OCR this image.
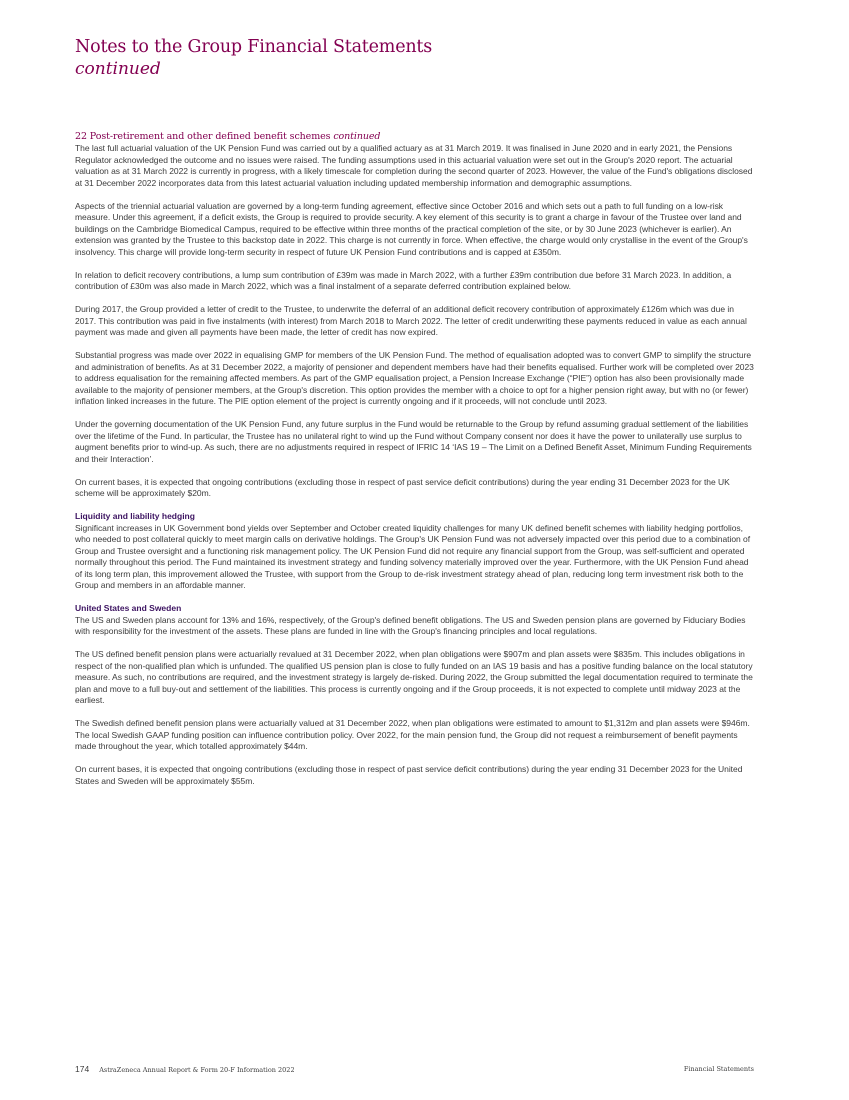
Notes to the Group Financial Statements
continued
22 Post-retirement and other defined benefit schemes continued

The last full actuarial valuation of the UK Pension Fund was carried out by a qualified actuary as at 31 March 2019. It was finalised in June 2020 and in early 2021, the Pensions Regulator acknowledged the outcome and no issues were raised. The funding assumptions used in this actuarial valuation were set out in the Group's 2020 report. The actuarial valuation as at 31 March 2022 is currently in progress, with a likely timescale for completion during the second quarter of 2023. However, the value of the Fund's obligations disclosed at 31 December 2022 incorporates data from this latest actuarial valuation including updated membership information and demographic assumptions.

Aspects of the triennial actuarial valuation are governed by a long-term funding agreement, effective since October 2016 and which sets out a path to full funding on a low-risk measure. Under this agreement, if a deficit exists, the Group is required to provide security. A key element of this security is to grant a charge in favour of the Trustee over land and buildings on the Cambridge Biomedical Campus, required to be effective within three months of the practical completion of the site, or by 30 June 2023 (whichever is earlier). An extension was granted by the Trustee to this backstop date in 2022. This charge is not currently in force. When effective, the charge would only crystallise in the event of the Group's insolvency. This charge will provide long-term security in respect of future UK Pension Fund contributions and is capped at £350m.

In relation to deficit recovery contributions, a lump sum contribution of £39m was made in March 2022, with a further £39m contribution due before 31 March 2023. In addition, a contribution of £30m was also made in March 2022, which was a final instalment of a separate deferred contribution explained below.

During 2017, the Group provided a letter of credit to the Trustee, to underwrite the deferral of an additional deficit recovery contribution of approximately £126m which was due in 2017. This contribution was paid in five instalments (with interest) from March 2018 to March 2022. The letter of credit underwriting these payments reduced in value as each annual payment was made and given all payments have been made, the letter of credit has now expired.

Substantial progress was made over 2022 in equalising GMP for members of the UK Pension Fund. The method of equalisation adopted was to convert GMP to simplify the structure and administration of benefits. As at 31 December 2022, a majority of pensioner and dependent members have had their benefits equalised. Further work will be completed over 2023 to address equalisation for the remaining affected members. As part of the GMP equalisation project, a Pension Increase Exchange (“PIE”) option has also been provisionally made available to the majority of pensioner members, at the Group's discretion. This option provides the member with a choice to opt for a higher pension right away, but with no (or fewer) inflation linked increases in the future. The PIE option element of the project is currently ongoing and if it proceeds, will not conclude until 2023.

Under the governing documentation of the UK Pension Fund, any future surplus in the Fund would be returnable to the Group by refund assuming gradual settlement of the liabilities over the lifetime of the Fund. In particular, the Trustee has no unilateral right to wind up the Fund without Company consent nor does it have the power to unilaterally use surplus to augment benefits prior to wind-up. As such, there are no adjustments required in respect of IFRIC 14 ‘IAS 19 – The Limit on a Defined Benefit Asset, Minimum Funding Requirements and their Interaction’.

On current bases, it is expected that ongoing contributions (excluding those in respect of past service deficit contributions) during the year ending 31 December 2023 for the UK scheme will be approximately $20m.

Liquidity and liability hedging

Significant increases in UK Government bond yields over September and October created liquidity challenges for many UK defined benefit schemes with liability hedging portfolios, who needed to post collateral quickly to meet margin calls on derivative holdings. The Group's UK Pension Fund was not adversely impacted over this period due to a combination of Group and Trustee oversight and a functioning risk management policy. The UK Pension Fund did not require any financial support from the Group, was self-sufficient and operated normally throughout this period. The Fund maintained its investment strategy and funding solvency materially improved over the year. Furthermore, with the UK Pension Fund ahead of its long term plan, this improvement allowed the Trustee, with support from the Group to de-risk investment strategy ahead of plan, reducing long term investment risk both to the Group and members in an affordable manner.

United States and Sweden

The US and Sweden plans account for 13% and 16%, respectively, of the Group's defined benefit obligations. The US and Sweden pension plans are governed by Fiduciary Bodies with responsibility for the investment of the assets. These plans are funded in line with the Group's financing principles and local regulations.

The US defined benefit pension plans were actuarially revalued at 31 December 2022, when plan obligations were $907m and plan assets were $835m. This includes obligations in respect of the non-qualified plan which is unfunded. The qualified US pension plan is close to fully funded on an IAS 19 basis and has a positive funding balance on the local statutory measure. As such, no contributions are required, and the investment strategy is largely de-risked. During 2022, the Group submitted the legal documentation required to terminate the plan and move to a full buy-out and settlement of the liabilities. This process is currently ongoing and if the Group proceeds, it is not expected to complete until midway 2023 at the earliest.

The Swedish defined benefit pension plans were actuarially valued at 31 December 2022, when plan obligations were estimated to amount to $1,312m and plan assets were $946m. The local Swedish GAAP funding position can influence contribution policy. Over 2022, for the main pension fund, the Group did not request a reimbursement of benefit payments made throughout the year, which totalled approximately $44m.

On current bases, it is expected that ongoing contributions (excluding those in respect of past service deficit contributions) during the year ending 31 December 2023 for the United States and Sweden will be approximately $55m.

174 AstraZeneca Annual Report & Form 20-F Information 2022	Financial Statements
